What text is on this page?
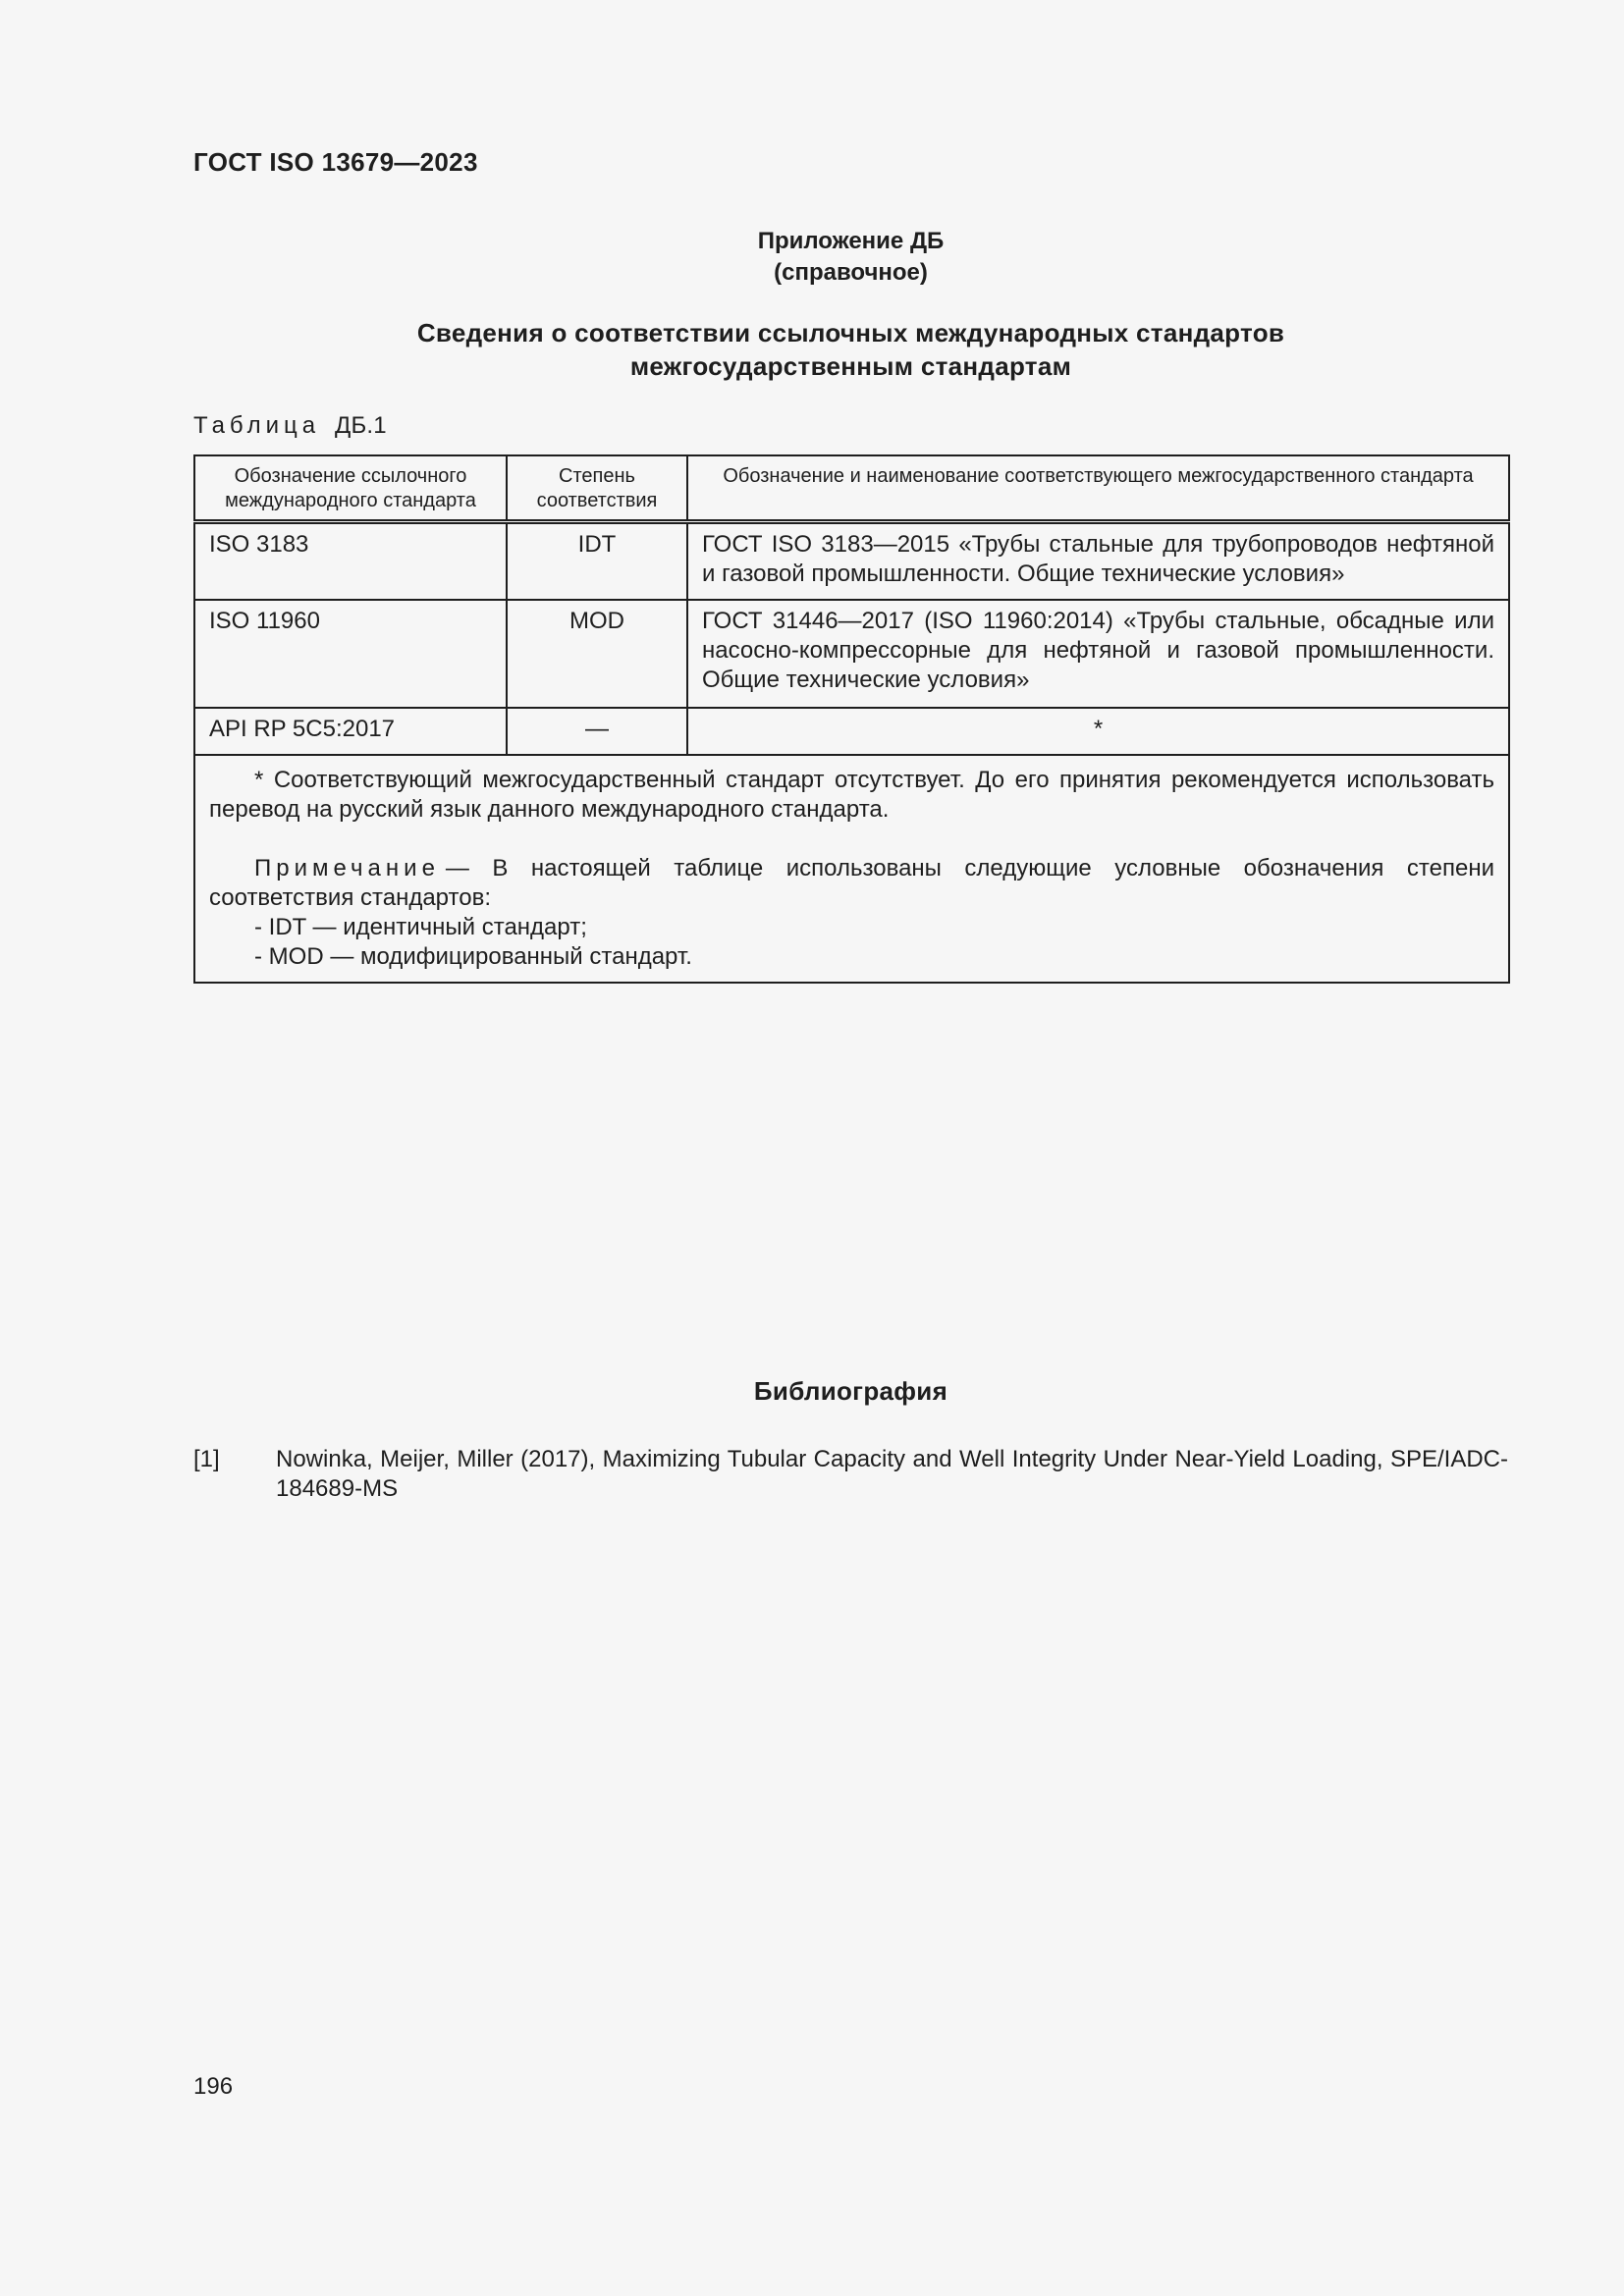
ГОСТ ISO 13679—2023
Приложение ДБ
(справочное)
Сведения о соответствии ссылочных международных стандартов
межгосударственным стандартам
Таблица ДБ.1
Обозначение ссылочного международного стандарта	Степень соответствия	Обозначение и наименование соответствующего межгосударственного стандарта
ISO 3183	IDT	ГОСТ ISO 3183—2015 «Трубы стальные для трубопроводов нефтяной и газовой промышленности. Общие технические условия»
ISO 11960	MOD	ГОСТ 31446—2017 (ISO 11960:2014) «Трубы стальные, обсадные или насосно-компрессорные для нефтяной и газовой промышленности. Общие технические условия»
API RP 5C5:2017	—	*

* Соответствующий межгосударственный стандарт отсутствует. До его принятия рекомендуется использовать перевод на русский язык данного международного стандарта.

Примечание — В настоящей таблице использованы следующие условные обозначения степени соответствия стандартов:

- IDT — идентичный стандарт;

- MOD — модифицированный стандарт.		

Библиография
[1] Nowinka, Meijer, Miller (2017), Maximizing Tubular Capacity and Well Integrity Under Near-Yield Loading, SPE/IADC-184689-MS
196
